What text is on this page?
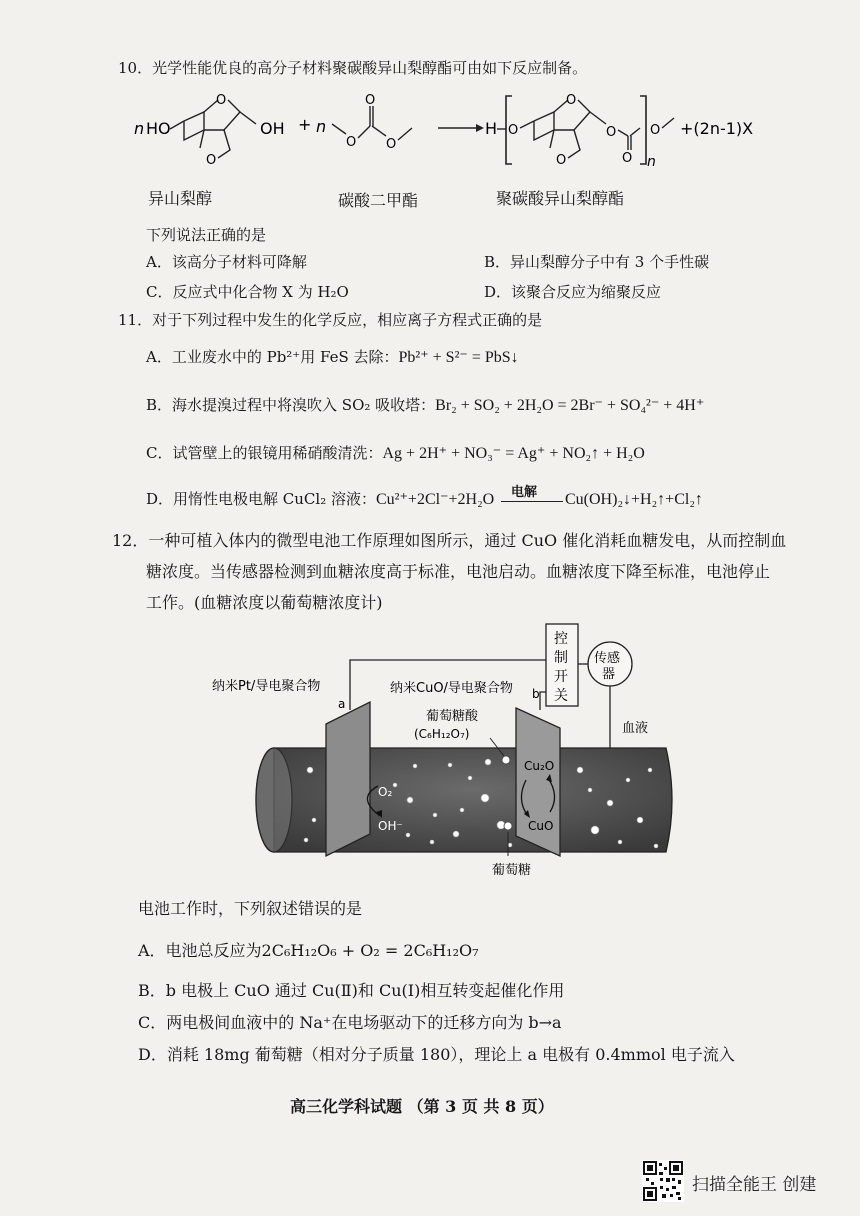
10．光学性能优良的高分子材料聚碳酸异山梨醇酯可由如下反应制备。
n HO
O
O
OH + n
O
O
O
H O
O
O
O
O n
O +(2n-1)X
异山梨醇	碳酸二甲酯	聚碳酸异山梨醇酯
下列说法正确的是
A．该高分子材料可降解	B．异山梨醇分子中有 3 个手性碳
C．反应式中化合物 X 为 H₂O	D．该聚合反应为缩聚反应
11．对于下列过程中发生的化学反应，相应离子方程式正确的是
A．工业废水中的 Pb²⁺用 FeS 去除：Pb²⁺ + S²⁻ = PbS↓
B．海水提溴过程中将溴吹入 SO₂ 吸收塔：Br₂ + SO₂ + 2H₂O = 2Br⁻ + SO₄²⁻ + 4H⁺
C．试管壁上的银镜用稀硝酸清洗：Ag + 2H⁺ + NO₃⁻ = Ag⁺ + NO₂↑ + H₂O
D．用惰性电极电解 CuCl₂ 溶液：Cu²⁺+2Cl⁻+2H₂O 电解 Cu(OH)₂↓+H₂↑+Cl₂↑
12．一种可植入体内的微型电池工作原理如图所示，通过 CuO 催化消耗血糖发电，从而控制血
糖浓度。当传感器检测到血糖浓度高于标准，电池启动。血糖浓度下降至标准，电池停止
工作。(血糖浓度以葡萄糖浓度计)
控
制
开
关
传感
器
纳米Pt/导电聚合物	纳米CuO/导电聚合物
a
b
葡萄糖酸
(C₆H₁₂O₇)	血液
O₂
OH⁻
Cu₂O
CuO
葡萄糖
电池工作时，下列叙述错误的是
A．电池总反应为2C₆H₁₂O₆ + O₂ = 2C₆H₁₂O₇
B．b 电极上 CuO 通过 Cu(Ⅱ)和 Cu(Ⅰ)相互转变起催化作用
C．两电极间血液中的 Na⁺在电场驱动下的迁移方向为 b→a
D．消耗 18mg 葡萄糖（相对分子质量 180），理论上 a 电极有 0.4mmol 电子流入
高三化学科试题 （第 3 页 共 8 页）
扫描全能王 创建
